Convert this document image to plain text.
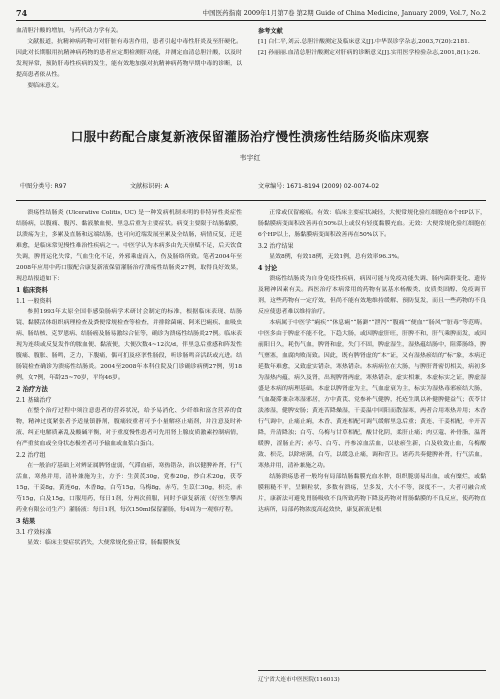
74	中国医药指南 2009年1月第7卷 第2期 Guide of China Medicine, January 2009, Vol.7, No.2

血清胆汁酸的增加，与药代动力学有关。

文献报道，抗精神病药物可对肝脏有毒害作用，患者引起中毒性肝炎及至肝硬化。因此对长期服用抗精神病药物的患者应定期检测肝功能，并测定血清总胆汁酸，以及时发现异常，预防肝毒性疾病的发生，能有效地加强对抗精神病药物早期中毒的诊断，以提高患者依从性。

要临床意义。

参考文献

[1] 白仁平,刘云.总胆汁酸测定及临床意义[J].中华误诊学杂志,2003,7(20):2181.

[2] 孙丽丽.血清总胆汁酸测定对肝病的诊断意义[J].实用医学检验杂志,2001,8(1):26.

口服中药配合康复新液保留灌肠治疗慢性溃疡性结肠炎临床观察
韦宇红
中图分类号: R97	文献标识码: A	文章编号: 1671-8194 (2009) 02-0074-02

溃疡性结肠炎 (Ulcerative Colitis, UC) 是一种发病机制未明的非特异性炎症性结肠病，以腹痛、腹泻、黏液脓血便、里急后重为主要症状。病变主要限于结肠黏膜，以溃疡为主，多累及直肠和远端结肠，也可向近端发展至累及全结肠，病情反复，迁延难愈，是临床常见慢性难治性疾病之一。中医学认为本病多由先天禀赋不足，后天饮食失调，脾胃运化失常，气血生化不足，外邪乘虚而入，伤及肠络所致。笔者2004年至2008年应用中药口服配合康复新液保留灌肠治疗溃疡性结肠炎27例，取得良好效果，现总结报道如下：

1 临床资料
1.1 一般资料

参照1993年太原全国非感染肠病学术研讨会制定的标准，根据临床表现、结肠镜、黏膜活体组织病理检查及粪便常规检查等检查，并排除菌痢、阿米巴痢疾、血吸虫病、肠结核、克罗恩病、结肠癌及肠易激综合征等，确诊为溃疡性结肠炎27例。临床表现为连续或反复发作的脓血便、黏液便，大便次数4~12次/d，伴里急后重感和阵发性腹痛、腹胀、肠鸣，乏力，下腹痛，偶可扪及痉挛性肠段，听诊肠鸣音活跃或亢进。结肠镜检查确诊为溃疡性结肠炎。2004至2008年本科住院及门诊确诊病例27例，男18例，女7例，年龄25~70岁，平均46岁。

2 治疗方法
2.1 基础治疗

在整个治疗过程中须注意患者的营养状况，给予易消化、少纤维和富含营养的食物，精神过度紧张者予适量镇静剂，腹痛较重者可予小量解痉止痛剂，并注意及时补液、纠正电解质紊乱及酸碱平衡，对于重度慢性患者可先用肾上腺皮质激素控制病情，有严重贫血或全身状态极差者可予输血或血浆白蛋白。

2.2 治疗组

在一般治疗基础上对辨证属脾肾虚弱，气滞血瘀，寒热错杂，治以健脾补肾，行气活血，寒热并用，清补兼施为主，方予：生黄芪30g，党参20g，炒白术20g，茯苓15g，干姜8g，黄连6g，木香8g，白芍15g，乌梅8g，赤芍，生苡仁30g，枳壳，赤芍15g，白及15g，口服用药，每日1剂，分两次煎服，同时予康复新液（好医生攀西药业有限公司生产）灌肠液：每日1剂，每次150ml保留灌肠，每4周为一观察疗程。

3 结果
3.1 疗效标准

显效：临床主要症状消失，大便常规化验正常，肠黏膜恢复

正常或仅留瘢痕。有效：临床主要症状减轻，大便常规化验红细胞在6个HP以下，肠黏膜病变面积改善再在50%以上或仅有轻度黏膜充血。无效：大便常规化验红细胞在6个HP以上，肠黏膜病变面积改善再在50%以下。

3.2 治疗结果

显效8例，有效18例，无效1例，总有效率96.3%。

4 讨论

溃疡性结肠炎为自身免疫性疾病，病因可能与免疫功能失调、肠内菌群变化、遗传及精神因素有关。西医治疗本病常用的药物有氨基水杨酸类、皮质类固醇、免疫调节剂，这些药物有一定疗效，但尚不能有效地维持缓解、预防复发，而且一些药物的不良反应使患者难以维持治疗。

本病属于中医学“痢疾”“休息痢”“肠澼”“泄泻”“腹痛”“便血”“肠风”“脏毒”等范畴。中医多由于脾虚不能不化，下趋大肠，或因脾虚肝旺，肝脾不和，肝气乘脾而发，或因前阳日久，耗伤气血，脾肾和虚，失门不固，脾虚湿生，湿热蕴结肠中，阻滞肠络，脾气壅塞，血腐肉败而致。因此，既有脾肾虚的“本”证，又有湿热瘀结的“标”象，本病迁延数年难愈，又致虚实错杂，寒热错杂。本病病位在大肠，与脾肝肾密切相关，病初多为湿热内蕴，病久及肾，出现脾肾两虚，寒热错杂，虚实相兼，本虚标实之证，脾虚湿盛是本病的病理基础。本虚以脾肾虚为主，气血虚衰为主，标实为湿热毒邪瘀结大肠，气血凝滞兼杂寒湿邪居，方中黄芪、党参补气健脾，托疮生肌以补健脾健益气；茯苓甘淡渗湿，健脾安肠；黄连苦降燥湿，干姜温中回阳而散湿寒，两者合用寒热并用；木香行气调中，止痛止痢，木香、黄连相配可调气缓解里急后重；黄连、干姜相配，辛开苦降，升清降浊；白芍、乌梅与甘草相配，酸甘化阴，柔肝止痛；肉豆蔻、补骨脂，温肾暖脾，涩肠止泻；赤芍、白芍、丹参凉血活血，以祛瘀生新，白及收敛止血，乌梅酸敛、枳壳，以除痞满，白芍，以缓急止痛，调和营卫。诸药共奏健脾补肾，行气活血，寒热并用，清补兼施之功。

结肠溃疡患者一般均有局部结肠黏膜充血水肿，组织脆弱易出血，或有糜烂，或黏膜粗糙不平，呈颗粒状，多数有溃疡，呈多发，大小不等，深度不一，大者可融合成片，康新法可避免胃肠吸收不良所致药物下降及药物对胃肠黏膜的不良反应，使药物直达病所，局部药物浓度高起效快，康复新液是根

辽宁省大连市中医医院(116013)
